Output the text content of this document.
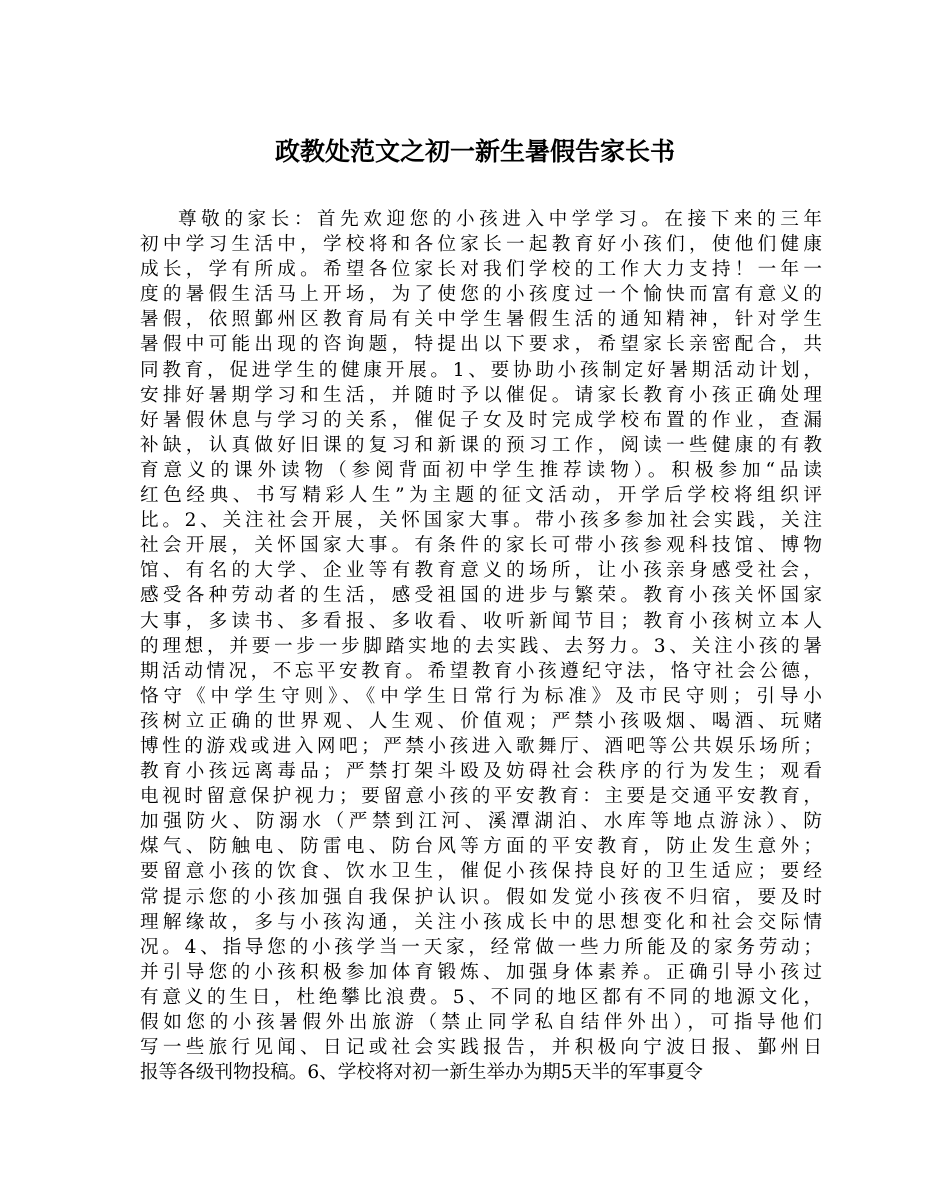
政教处范文之初一新生暑假告家长书
尊敬的家长：首先欢迎您的小孩进入中学学习。在接下来的三年
初中学习生活中，学校将和各位家长一起教育好小孩们，使他们健康
成长，学有所成。希望各位家长对我们学校的工作大力支持！一年一
度的暑假生活马上开场，为了使您的小孩度过一个愉快而富有意义的
暑假，依照鄞州区教育局有关中学生暑假生活的通知精神，针对学生
暑假中可能出现的咨询题，特提出以下要求，希望家长亲密配合，共
同教育，促进学生的健康开展。1、要协助小孩制定好暑期活动计划，
安排好暑期学习和生活，并随时予以催促。请家长教育小孩正确处理
好暑假休息与学习的关系，催促子女及时完成学校布置的作业，查漏
补缺，认真做好旧课的复习和新课的预习工作，阅读一些健康的有教
育意义的课外读物（参阅背面初中学生推荐读物）。积极参加“品读
红色经典、书写精彩人生”为主题的征文活动，开学后学校将组织评
比。2、关注社会开展，关怀国家大事。带小孩多参加社会实践，关注
社会开展，关怀国家大事。有条件的家长可带小孩参观科技馆、博物
馆、有名的大学、企业等有教育意义的场所，让小孩亲身感受社会，
感受各种劳动者的生活，感受祖国的进步与繁荣。教育小孩关怀国家
大事，多读书、多看报、多收看、收听新闻节目；教育小孩树立本人
的理想，并要一步一步脚踏实地的去实践、去努力。3、关注小孩的暑
期活动情况，不忘平安教育。希望教育小孩遵纪守法，恪守社会公德，
恪守《中学生守则》、《中学生日常行为标准》及市民守则；引导小
孩树立正确的世界观、人生观、价值观；严禁小孩吸烟、喝酒、玩赌
博性的游戏或进入网吧；严禁小孩进入歌舞厅、酒吧等公共娱乐场所；
教育小孩远离毒品；严禁打架斗殴及妨碍社会秩序的行为发生；观看
电视时留意保护视力；要留意小孩的平安教育：主要是交通平安教育，
加强防火、防溺水（严禁到江河、溪潭湖泊、水库等地点游泳）、防
煤气、防触电、防雷电、防台风等方面的平安教育，防止发生意外；
要留意小孩的饮食、饮水卫生，催促小孩保持良好的卫生适应；要经
常提示您的小孩加强自我保护认识。假如发觉小孩夜不归宿，要及时
理解缘故，多与小孩沟通，关注小孩成长中的思想变化和社会交际情
况。4、指导您的小孩学当一天家，经常做一些力所能及的家务劳动；
并引导您的小孩积极参加体育锻炼、加强身体素养。正确引导小孩过
有意义的生日，杜绝攀比浪费。5、不同的地区都有不同的地源文化，
假如您的小孩暑假外出旅游（禁止同学私自结伴外出），可指导他们
写一些旅行见闻、日记或社会实践报告，并积极向宁波日报、鄞州日
报等各级刊物投稿。6、学校将对初一新生举办为期5天半的军事夏令
